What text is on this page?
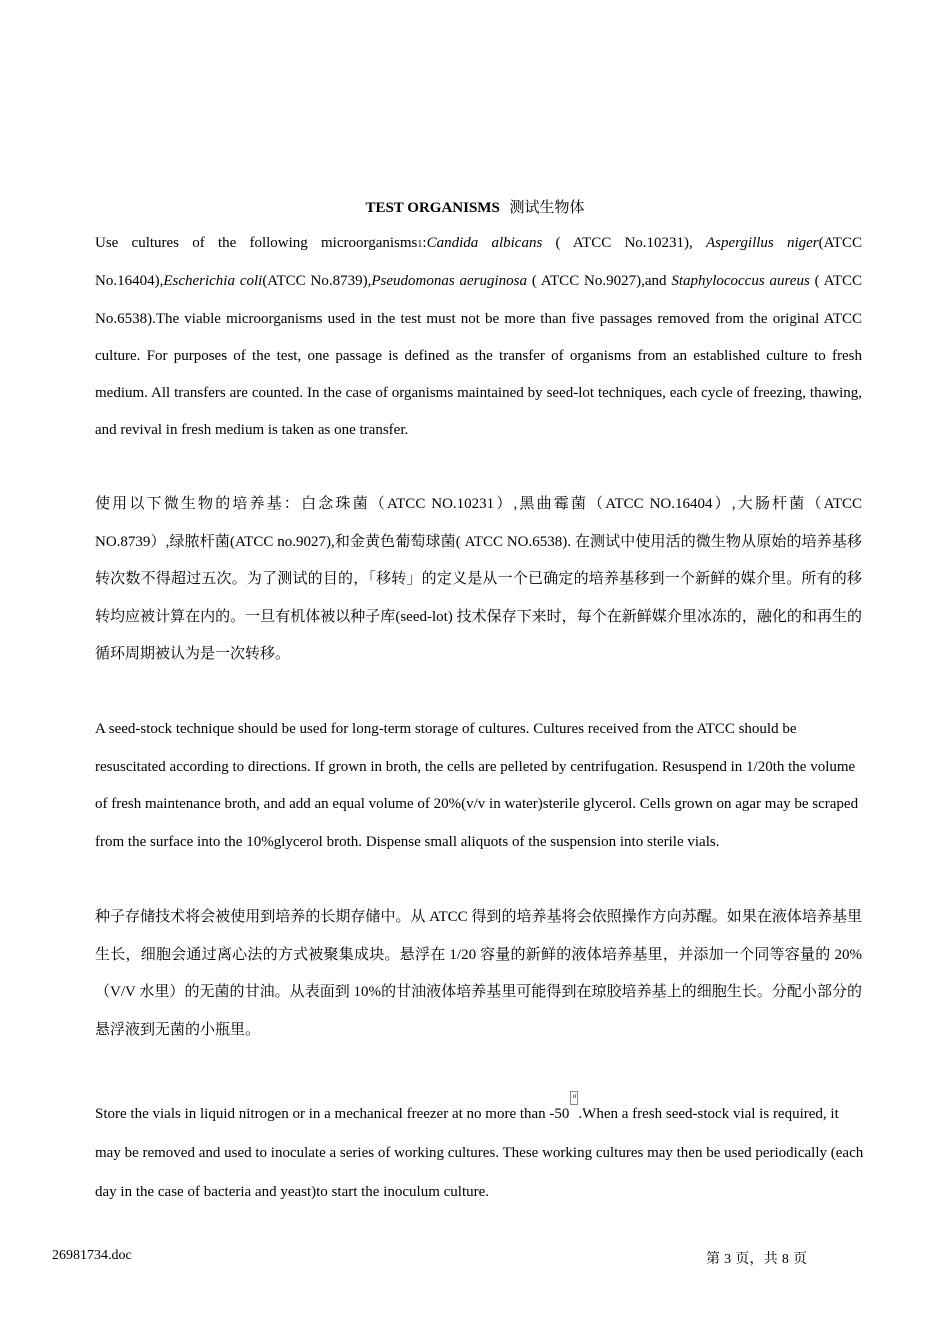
TEST ORGANISMS 测试生物体
Use cultures of the following microorganisms1:Candida albicans ( ATCC No.10231), Aspergillus niger(ATCC No.16404),Escherichia coli(ATCC No.8739),Pseudomonas aeruginosa ( ATCC No.9027),and Staphylococcus aureus ( ATCC No.6538).The viable microorganisms used in the test must not be more than five passages removed from the original ATCC culture. For purposes of the test, one passage is defined as the transfer of organisms from an established culture to fresh medium. All transfers are counted. In the case of organisms maintained by seed-lot techniques, each cycle of freezing, thawing, and revival in fresh medium is taken as one transfer.
使用以下微生物的培养基：白念珠菌（ATCC NO.10231）,黑曲霉菌（ATCC NO.16404）,大肠杆菌（ATCC NO.8739）,绿脓杆菌(ATCC no.9027),和金黄色葡萄球菌( ATCC NO.6538). 在测试中使用活的微生物从原始的培养基移转次数不得超过五次。为了测试的目的，「移转」的定义是从一个已确定的培养基移到一个新鲜的媒介里。所有的移转均应被计算在内的。一旦有机体被以种子库(seed-lot) 技术保存下来时，每个在新鲜媒介里冰冻的，融化的和再生的循环周期被认为是一次转移。
A seed-stock technique should be used for long-term storage of cultures. Cultures received from the ATCC should be resuscitated according to directions. If grown in broth, the cells are pelleted by centrifugation. Resuspend in 1/20th the volume of fresh maintenance broth, and add an equal volume of 20%(v/v in water)sterile glycerol. Cells grown on agar may be scraped from the surface into the 10%glycerol broth. Dispense small aliquots of the suspension into sterile vials.
种子存储技术将会被使用到培养的长期存储中。从 ATCC 得到的培养基将会依照操作方向苏醒。如果在液体培养基里生长，细胞会通过离心法的方式被聚集成块。悬浮在 1/20 容量的新鲜的液体培养基里，并添加一个同等容量的 20%（V/V 水里）的无菌的甘油。从表面到 10%的甘油液体培养基里可能得到在琼胶培养基上的细胞生长。分配小部分的悬浮液到无菌的小瓶里。
Store the vials in liquid nitrogen or in a mechanical freezer at no more than -50o.When a fresh seed-stock vial is required, it may be removed and used to inoculate a series of working cultures. These working cultures may then be used periodically (each day in the case of bacteria and yeast)to start the inoculum culture.
26981734.doc	第 3 页，共 8 页
